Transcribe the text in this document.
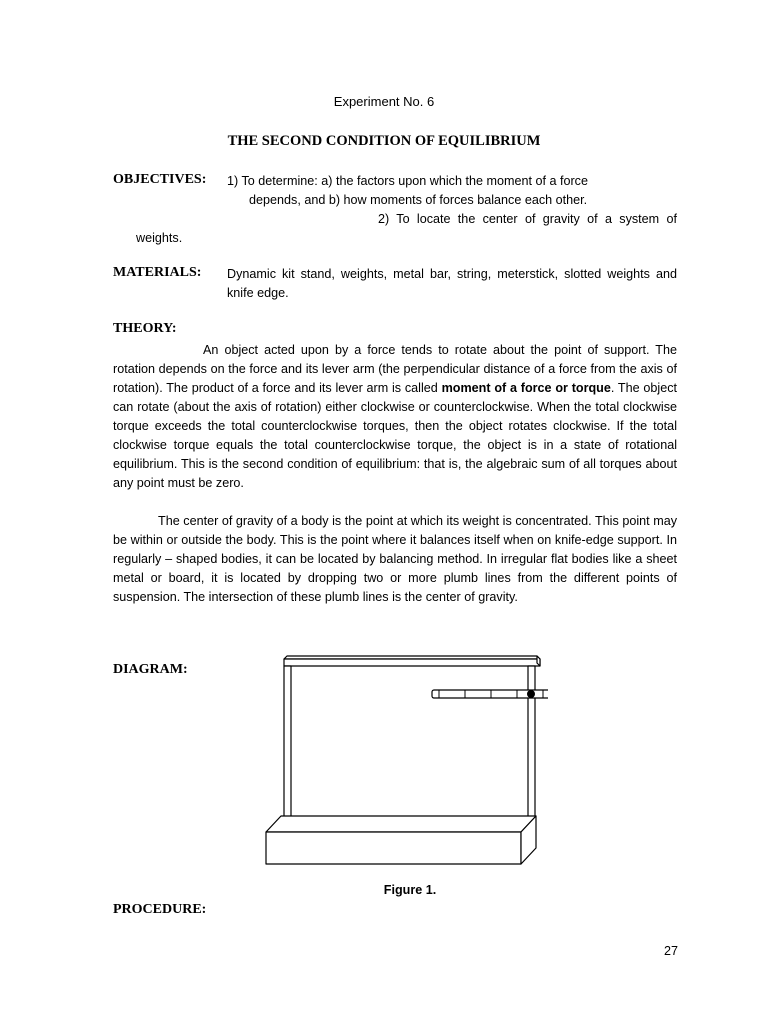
Experiment No. 6
THE SECOND CONDITION OF EQUILIBRIUM
OBJECTIVES: 1) To determine: a) the factors upon which the moment of a force
depends, and b) how moments of forces balance each other.
2) To locate the center of gravity of a system of
weights.
MATERIALS: Dynamic kit stand, weights, metal bar, string, meterstick, slotted weights and knife edge.
THEORY:
An object acted upon by a force tends to rotate about the point of support. The rotation depends on the force and its lever arm (the perpendicular distance of a force from the axis of rotation). The product of a force and its lever arm is called moment of a force or torque. The object can rotate (about the axis of rotation) either clockwise or counterclockwise. When the total clockwise torque exceeds the total counterclockwise torques, then the object rotates clockwise. If the total clockwise torque equals the total counterclockwise torque, the object is in a state of rotational equilibrium. This is the second condition of equilibrium: that is, the algebraic sum of all torques about any point must be zero.
The center of gravity of a body is the point at which its weight is concentrated. This point may be within or outside the body. This is the point where it balances itself when on knife-edge support. In regularly – shaped bodies, it can be located by balancing method. In irregular flat bodies like a sheet metal or board, it is located by dropping two or more plumb lines from the different points of suspension. The intersection of these plumb lines is the center of gravity.
DIAGRAM:
Figure 1.
PROCEDURE:
27
